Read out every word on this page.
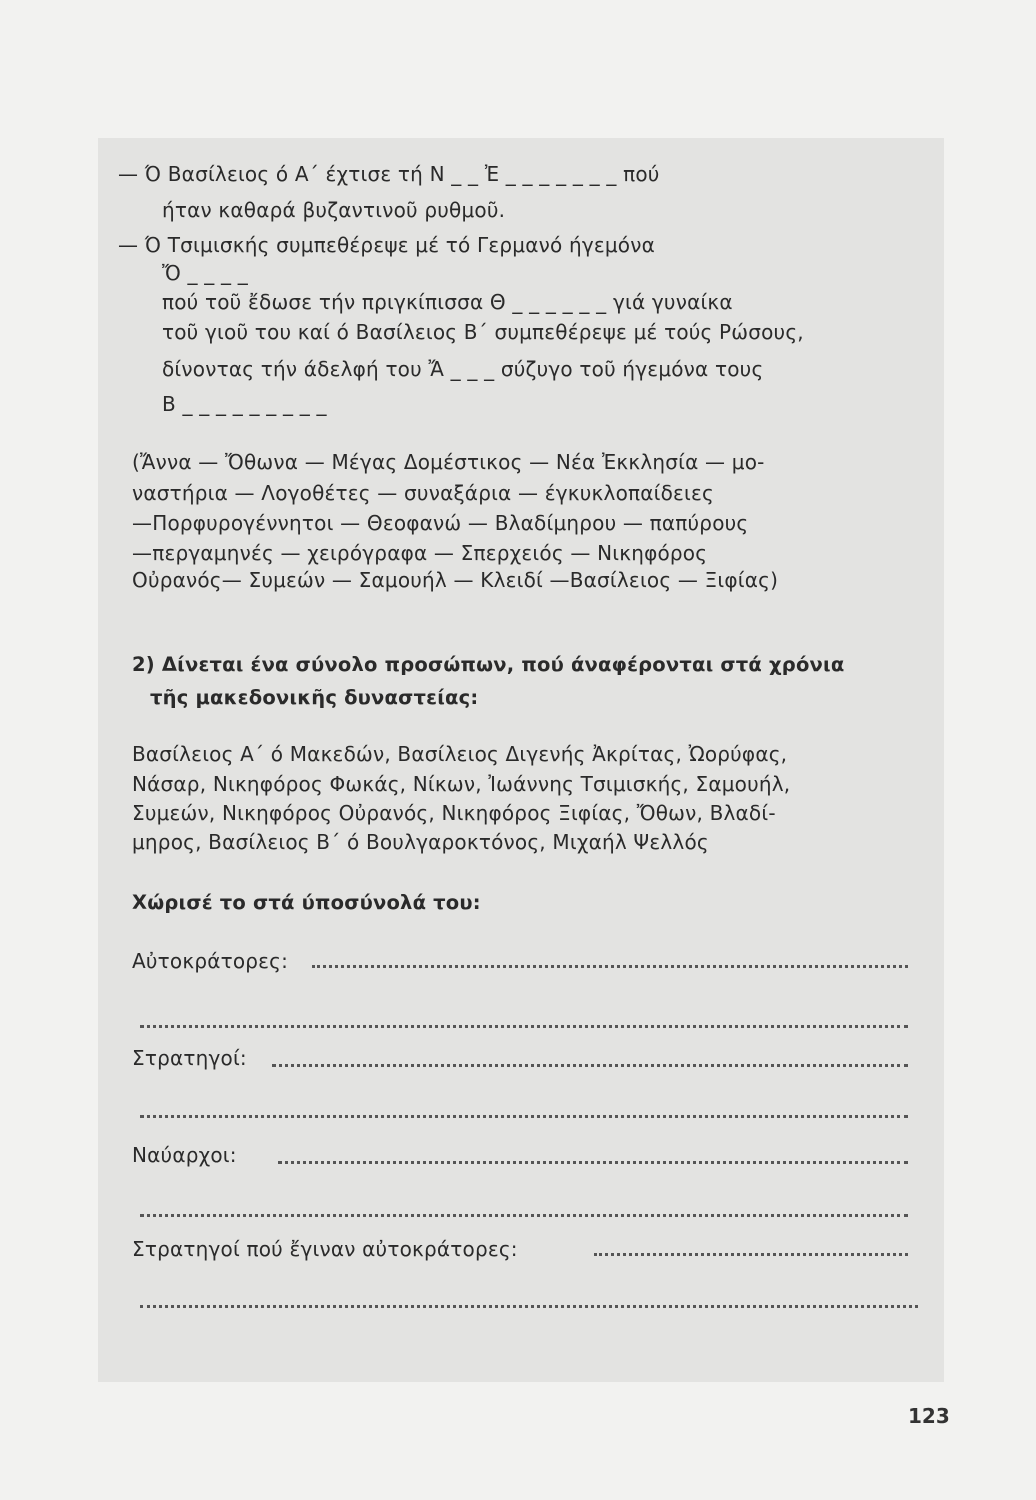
— Ό Βασίλειος ό Α΄ έχτισε τή Ν _ _ Ἐ _ _ _ _ _ _ _ πού
ήταν καθαρά βυζαντινοῦ ρυθμοῦ.
— Ό Τσιμισκής συμπεθέρεψε μέ τό Γερμανό ήγεμόνα
Ὄ _ _ _ _
πού τοῦ ἔδωσε τήν πριγκίπισσα Θ _ _ _ _ _ _ γιά γυναίκα
τοῦ γιοῦ του καί ό Βασίλειος Β΄ συμπεθέρεψε μέ τούς Ρώσους,
δίνοντας τήν άδελφή του Ἄ _ _ _ σύζυγο τοῦ ήγεμόνα τους
Β _ _ _ _ _ _ _ _ _
(Ἄννα — Ὄθωνα — Μέγας Δομέστικος — Νέα Ἐκκλησία — μο-
ναστήρια — Λογοθέτες — συναξάρια — έγκυκλοπαίδειες
—Πορφυρογέννητοι — Θεοφανώ — Βλαδίμηρου — παπύρους
—περγαμηνές — χειρόγραφα — Σπερχειός — Νικηφόρος
Οὐρανός— Συμεών — Σαμουήλ — Κλειδί —Βασίλειος — Ξιφίας)
2) Δίνεται ένα σύνολο προσώπων, πού άναφέρονται στά χρόνια
τῆς μακεδονικῆς δυναστείας:
Βασίλειος Α΄ ό Μακεδών, Βασίλειος Διγενής Ἀκρίτας, Ὠορύφας,
Νάσαρ, Νικηφόρος Φωκάς, Νίκων, Ἰωάννης Τσιμισκής, Σαμουήλ,
Συμεών, Νικηφόρος Οὐρανός, Νικηφόρος Ξιφίας, Ὄθων, Βλαδί-
μηρος, Βασίλειος Β΄ ό Βουλγαροκτόνος, Μιχαήλ Ψελλός
Χώρισέ το στά ύποσύνολά του:
Αὐτοκράτορες:
Στρατηγοί:
Ναύαρχοι:
Στρατηγοί πού ἔγιναν αὐτοκράτορες:
123
